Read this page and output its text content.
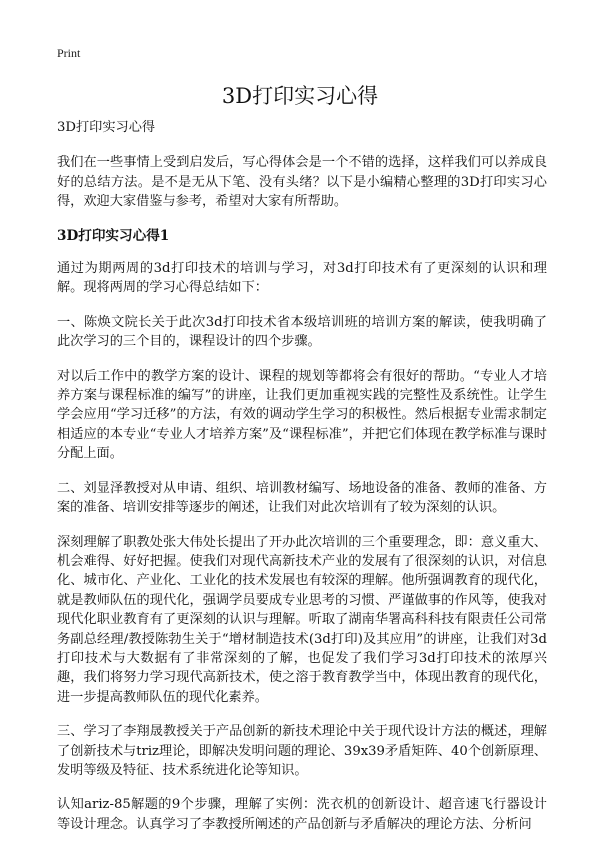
Print
3D打印实习心得

3D打印实习心得

我们在一些事情上受到启发后，写心得体会是一个不错的选择，这样我们可以养成良好的总结方法。是不是无从下笔、没有头绪？以下是小编精心整理的3D打印实习心得，欢迎大家借鉴与参考，希望对大家有所帮助。

3D打印实习心得1

通过为期两周的3d打印技术的培训与学习，对3d打印技术有了更深刻的认识和理解。现将两周的学习心得总结如下：

一、陈焕文院长关于此次3d打印技术省本级培训班的培训方案的解读，使我明确了此次学习的三个目的，课程设计的四个步骤。

对以后工作中的教学方案的设计、课程的规划等都将会有很好的帮助。“专业人才培养方案与课程标准的编写”的讲座，让我们更加重视实践的完整性及系统性。让学生学会应用“学习迁移”的方法，有效的调动学生学习的积极性。然后根据专业需求制定相适应的本专业“专业人才培养方案”及“课程标准”，并把它们体现在教学标准与课时分配上面。

二、刘显泽教授对从申请、组织、培训教材编写、场地设备的准备、教师的准备、方案的准备、培训安排等逐步的阐述，让我们对此次培训有了较为深刻的认识。

深刻理解了职教处张大伟处长提出了开办此次培训的三个重要理念，即：意义重大、机会难得、好好把握。使我们对现代高新技术产业的发展有了很深刻的认识，对信息化、城市化、产业化、工业化的技术发展也有较深的理解。他所强调教育的现代化，就是教师队伍的现代化，强调学员要成专业思考的习惯、严谨做事的作风等，使我对现代化职业教育有了更深刻的认识与理解。听取了湖南华署高科科技有限责任公司常务副总经理/教授陈勃生关于“增材制造技术(3d打印)及其应用”的讲座，让我们对3d打印技术与大数据有了非常深刻的了解，也促发了我们学习3d打印技术的浓厚兴趣，我们将努力学习现代高新技术，使之溶于教育教学当中，体现出教育的现代化，进一步提高教师队伍的现代化素养。

三、学习了李翔晟教授关于产品创新的新技术理论中关于现代设计方法的概述，理解了创新技术与triz理论，即解决发明问题的理论、39x39矛盾矩阵、40个创新原理、发明等级及特征、技术系统进化论等知识。

认知ariz-85解题的9个步骤，理解了实例：洗衣机的创新设计、超音速飞行器设计等设计理念。认真学习了李教授所阐述的产品创新与矛盾解决的理论方法、分析问
